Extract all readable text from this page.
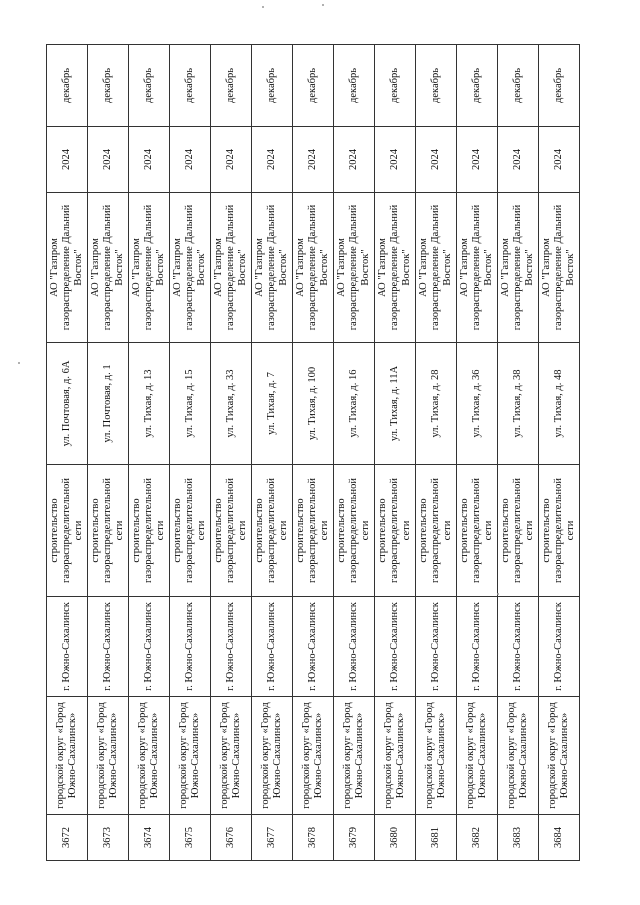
3672	городской округ «Город Южно-Сахалинск»	г. Южно-Сахалинск	строительство газораспределительной сети	ул. Почтовая, д. 6А	АО "Газпром газораспределение Дальний Восток"	2024	декабрь
3673	городской округ «Город Южно-Сахалинск»	г. Южно-Сахалинск	строительство газораспределительной сети	ул. Почтовая, д. 1	АО "Газпром газораспределение Дальний Восток"	2024	декабрь
3674	городской округ «Город Южно-Сахалинск»	г. Южно-Сахалинск	строительство газораспределительной сети	ул. Тихая, д. 13	АО "Газпром газораспределение Дальний Восток"	2024	декабрь
3675	городской округ «Город Южно-Сахалинск»	г. Южно-Сахалинск	строительство газораспределительной сети	ул. Тихая, д. 15	АО "Газпром газораспределение Дальний Восток"	2024	декабрь
3676	городской округ «Город Южно-Сахалинск»	г. Южно-Сахалинск	строительство газораспределительной сети	ул. Тихая, д. 33	АО "Газпром газораспределение Дальний Восток"	2024	декабрь
3677	городской округ «Город Южно-Сахалинск»	г. Южно-Сахалинск	строительство газораспределительной сети	ул. Тихая, д. 7	АО "Газпром газораспределение Дальний Восток"	2024	декабрь
3678	городской округ «Город Южно-Сахалинск»	г. Южно-Сахалинск	строительство газораспределительной сети	ул. Тихая, д. 100	АО "Газпром газораспределение Дальний Восток"	2024	декабрь
3679	городской округ «Город Южно-Сахалинск»	г. Южно-Сахалинск	строительство газораспределительной сети	ул. Тихая, д. 16	АО "Газпром газораспределение Дальний Восток"	2024	декабрь
3680	городской округ «Город Южно-Сахалинск»	г. Южно-Сахалинск	строительство газораспределительной сети	ул. Тихая, д. 11А	АО "Газпром газораспределение Дальний Восток"	2024	декабрь
3681	городской округ «Город Южно-Сахалинск»	г. Южно-Сахалинск	строительство газораспределительной сети	ул. Тихая, д. 28	АО "Газпром газораспределение Дальний Восток"	2024	декабрь
3682	городской округ «Город Южно-Сахалинск»	г. Южно-Сахалинск	строительство газораспределительной сети	ул. Тихая, д. 36	АО "Газпром газораспределение Дальний Восток"	2024	декабрь
3683	городской округ «Город Южно-Сахалинск»	г. Южно-Сахалинск	строительство газораспределительной сети	ул. Тихая, д. 38	АО "Газпром газораспределение Дальний Восток"	2024	декабрь
3684	городской округ «Город Южно-Сахалинск»	г. Южно-Сахалинск	строительство газораспределительной сети	ул. Тихая, д. 48	АО "Газпром газораспределение Дальний Восток"	2024	декабрь
